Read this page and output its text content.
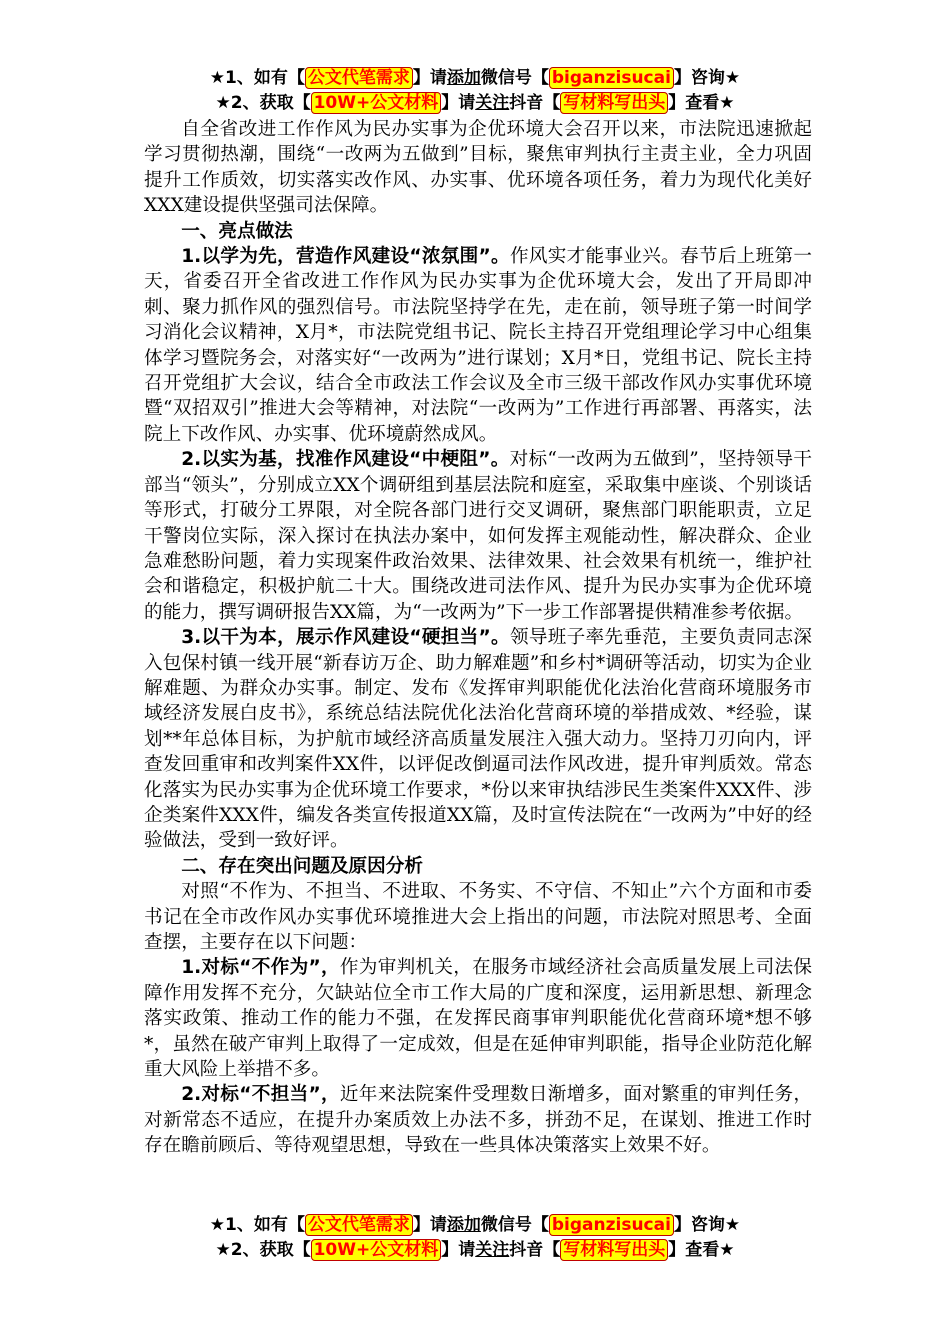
★1、如有【 公文代笔需求 】请添加微信号【 biganzisucai 】咨询★
★2、获取【 10W+公文材料 】请关注抖音【 写材料写出头 】查看★

自全省改进工作作风为民办实事为企优环境大会召开以来，市法院迅速掀起学习贯彻热潮，围绕“一改两为五做到”目标，聚焦审判执行主责主业，全力巩固提升工作质效，切实落实改作风、办实事、优环境各项任务，着力为现代化美好XXX建设提供坚强司法保障。

一、亮点做法

1.以学为先，营造作风建设“浓氛围”。作风实才能事业兴。春节后上班第一天，省委召开全省改进工作作风为民办实事为企优环境大会，发出了开局即冲刺、聚力抓作风的强烈信号。市法院坚持学在先，走在前，领导班子第一时间学习消化会议精神，X月*，市法院党组书记、院长主持召开党组理论学习中心组集体学习暨院务会，对落实好“一改两为”进行谋划；X月*日，党组书记、院长主持召开党组扩大会议，结合全市政法工作会议及全市三级干部改作风办实事优环境暨“双招双引”推进大会等精神，对法院“一改两为”工作进行再部署、再落实，法院上下改作风、办实事、优环境蔚然成风。

2.以实为基，找准作风建设“中梗阻”。对标“一改两为五做到”，坚持领导干部当“领头”，分别成立XX个调研组到基层法院和庭室，采取集中座谈、个别谈话等形式，打破分工界限，对全院各部门进行交叉调研，聚焦部门职能职责，立足干警岗位实际，深入探讨在执法办案中，如何发挥主观能动性，解决群众、企业急难愁盼问题，着力实现案件政治效果、法律效果、社会效果有机统一，维护社会和谐稳定，积极护航二十大。围绕改进司法作风、提升为民办实事为企优环境的能力，撰写调研报告XX篇，为“一改两为”下一步工作部署提供精准参考依据。

3.以干为本，展示作风建设“硬担当”。领导班子率先垂范，主要负责同志深入包保村镇一线开展“新春访万企、助力解难题”和乡村*调研等活动，切实为企业解难题、为群众办实事。制定、发布《发挥审判职能优化法治化营商环境服务市域经济发展白皮书》，系统总结法院优化法治化营商环境的举措成效、*经验，谋划**年总体目标，为护航市域经济高质量发展注入强大动力。坚持刀刃向内，评查发回重审和改判案件XX件，以评促改倒逼司法作风改进，提升审判质效。常态化落实为民办实事为企优环境工作要求，*份以来审执结涉民生类案件XXX件、涉企类案件XXX件，编发各类宣传报道XX篇，及时宣传法院在“一改两为”中好的经验做法，受到一致好评。

二、存在突出问题及原因分析

对照“不作为、不担当、不进取、不务实、不守信、不知止”六个方面和市委书记在全市改作风办实事优环境推进大会上指出的问题，市法院对照思考、全面查摆，主要存在以下问题：

1.对标“不作为”，作为审判机关，在服务市域经济社会高质量发展上司法保障作用发挥不充分，欠缺站位全市工作大局的广度和深度，运用新思想、新理念落实政策、推动工作的能力不强，在发挥民商事审判职能优化营商环境*想不够*，虽然在破产审判上取得了一定成效，但是在延伸审判职能，指导企业防范化解重大风险上举措不多。

2.对标“不担当”，近年来法院案件受理数日渐增多，面对繁重的审判任务，对新常态不适应，在提升办案质效上办法不多，拼劲不足，在谋划、推进工作时存在瞻前顾后、等待观望思想，导致在一些具体决策落实上效果不好。

★1、如有【 公文代笔需求 】请添加微信号【 biganzisucai 】咨询★
★2、获取【 10W+公文材料 】请关注抖音【 写材料写出头 】查看★
